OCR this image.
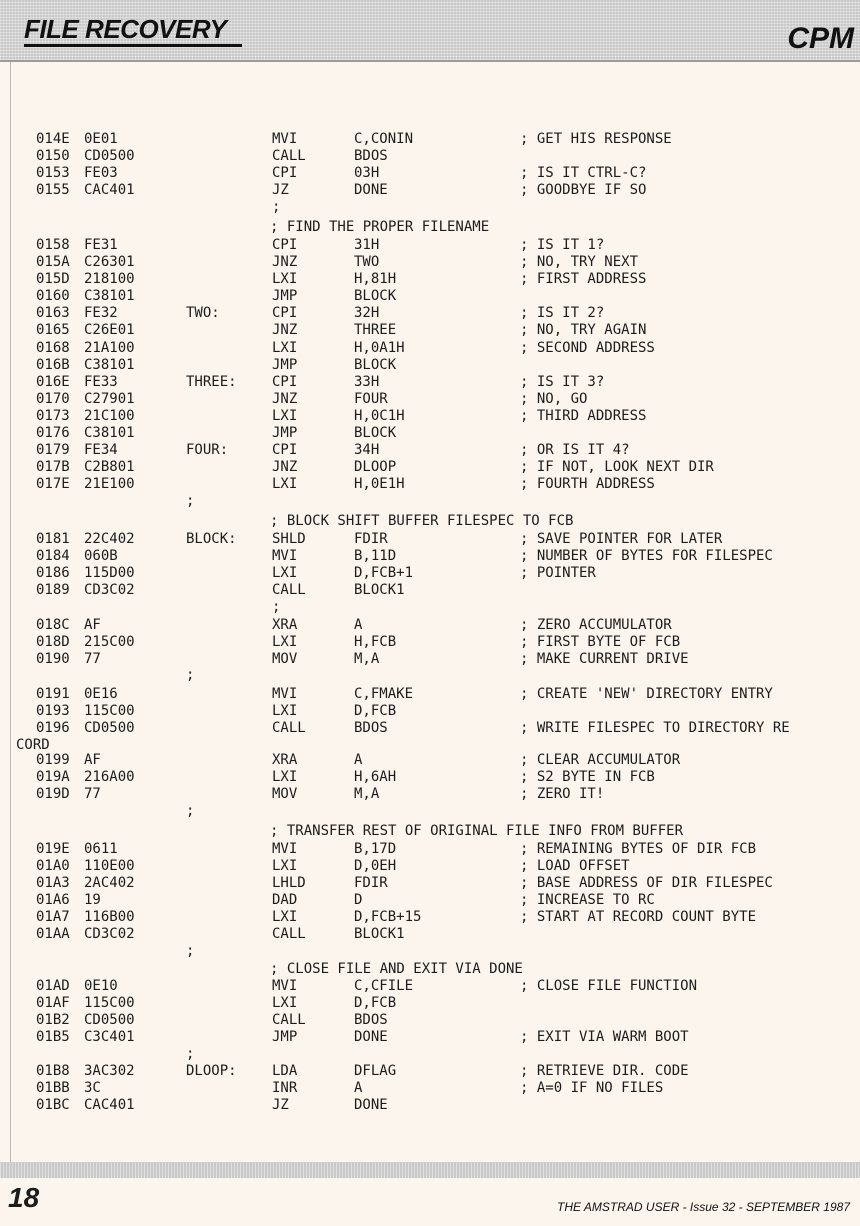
FILE RECOVERY	CPM
014E	0E01	MVI	C,CONIN	; GET HIS RESPONSE
0150	CD0500	CALL	BDOS
0153	FE03	CPI	03H	; IS IT CTRL-C?
0155	CAC401	JZ	DONE	; GOODBYE IF SO
;
; FIND THE PROPER FILENAME
0158	FE31	CPI	31H	; IS IT 1?
015A	C26301	JNZ	TWO	; NO, TRY NEXT
015D	218100	LXI	H,81H	; FIRST ADDRESS
0160	C38101	JMP	BLOCK
0163	FE32	TWO:	CPI	32H	; IS IT 2?
0165	C26E01	JNZ	THREE	; NO, TRY AGAIN
0168	21A100	LXI	H,0A1H	; SECOND ADDRESS
016B	C38101	JMP	BLOCK
016E	FE33	THREE:	CPI	33H	; IS IT 3?
0170	C27901	JNZ	FOUR	; NO, GO
0173	21C100	LXI	H,0C1H	; THIRD ADDRESS
0176	C38101	JMP	BLOCK
0179	FE34	FOUR:	CPI	34H	; OR IS IT 4?
017B	C2B801	JNZ	DLOOP	; IF NOT, LOOK NEXT DIR
017E	21E100	LXI	H,0E1H	; FOURTH ADDRESS
;
; BLOCK SHIFT BUFFER FILESPEC TO FCB
0181	22C402	BLOCK:	SHLD	FDIR	; SAVE POINTER FOR LATER
0184	060B	MVI	B,11D	; NUMBER OF BYTES FOR FILESPEC
0186	115D00	LXI	D,FCB+1	; POINTER
0189	CD3C02	CALL	BLOCK1
;
018C	AF	XRA	A	; ZERO ACCUMULATOR
018D	215C00	LXI	H,FCB	; FIRST BYTE OF FCB
0190	77	MOV	M,A	; MAKE CURRENT DRIVE
;
0191	0E16	MVI	C,FMAKE	; CREATE 'NEW' DIRECTORY ENTRY
0193	115C00	LXI	D,FCB
0196	CD0500	CALL	BDOS	; WRITE FILESPEC TO DIRECTORY RE
CORD
0199	AF	XRA	A	; CLEAR ACCUMULATOR
019A	216A00	LXI	H,6AH	; S2 BYTE IN FCB
019D	77	MOV	M,A	; ZERO IT!
;
; TRANSFER REST OF ORIGINAL FILE INFO FROM BUFFER
019E	0611	MVI	B,17D	; REMAINING BYTES OF DIR FCB
01A0	110E00	LXI	D,0EH	; LOAD OFFSET
01A3	2AC402	LHLD	FDIR	; BASE ADDRESS OF DIR FILESPEC
01A6	19	DAD	D	; INCREASE TO RC
01A7	116B00	LXI	D,FCB+15	; START AT RECORD COUNT BYTE
01AA	CD3C02	CALL	BLOCK1
;
; CLOSE FILE AND EXIT VIA DONE
01AD	0E10	MVI	C,CFILE	; CLOSE FILE FUNCTION
01AF	115C00	LXI	D,FCB
01B2	CD0500	CALL	BDOS
01B5	C3C401	JMP	DONE	; EXIT VIA WARM BOOT
;
01B8	3AC302	DLOOP:	LDA	DFLAG	; RETRIEVE DIR. CODE
01BB	3C	INR	A	; A=0 IF NO FILES
01BC	CAC401	JZ	DONE
18	THE AMSTRAD USER - Issue 32 - SEPTEMBER 1987
